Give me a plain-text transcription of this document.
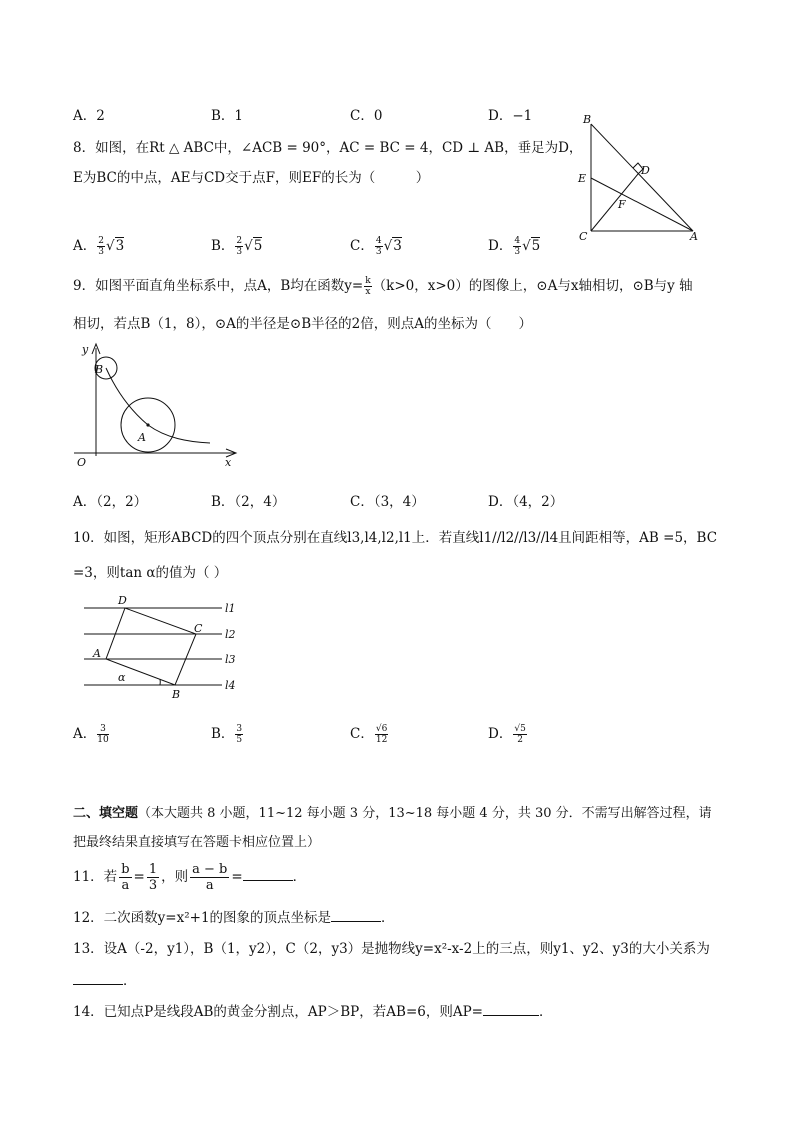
A．2	B．1	C．0	D．−1
8．如图，在Rt △ ABC中，∠ACB = 90°，AC = BC = 4，CD ⊥ AB，垂足为D，
E为BC的中点，AE与CD交于点F，则EF的长为（　　　）
B
D
E
F
C	A
A． $\frac{2}{3} √3$	B． $\frac{2}{3} √5$	C． $\frac{4}{3} √3$	D． $\frac{4}{3} √5$
9．如图平面直角坐标系中，点A，B均在函数$y= \frac{k}{x} (k>0$，x>0）的图像上，⊙A与x轴相切，⊙B与y 轴
相切，若点B（1，8），⊙A的半径是⊙B半径的2倍，则点A的坐标为（　　）
y
B
A
O	x
A．（2，2）	B．（2，4）	C．（3，4）	D．（4，2）
10．如图，矩形ABCD的四个顶点分别在直线l3,l4,l2,l1上．若直线l1//l2//l3//l4且间距相等，AB =5，BC
=3，则tan α的值为（ ）
D
C
A
B
α
l1
l2
l3
l4
A． $\frac{3}{10}$	B． $\frac{3}{5}$	C． $\frac{√6}{12}$	D． $\frac{√5}{2}$
二、填空题（本大题共 8 小题，11~12 每小题 3 分，13~18 每小题 4 分，共 30 分．不需写出解答过程，请
把最终结果直接填写在答题卡相应位置上）
11．若 $\frac{b}{a} = \frac{1}{3}$ ，则 $\frac{a - b}{a}$ =	．
12．二次函数y=x²+1的图象的顶点坐标是	．
13．设A（-2，y1），B（1，y2），C（2，y3）是抛物线y=x²-x-2上的三点，则y1、y2、y3的大小关系为
．
14．已知点P是线段AB的黄金分割点，AP＞BP，若AB=6，则AP=	．
